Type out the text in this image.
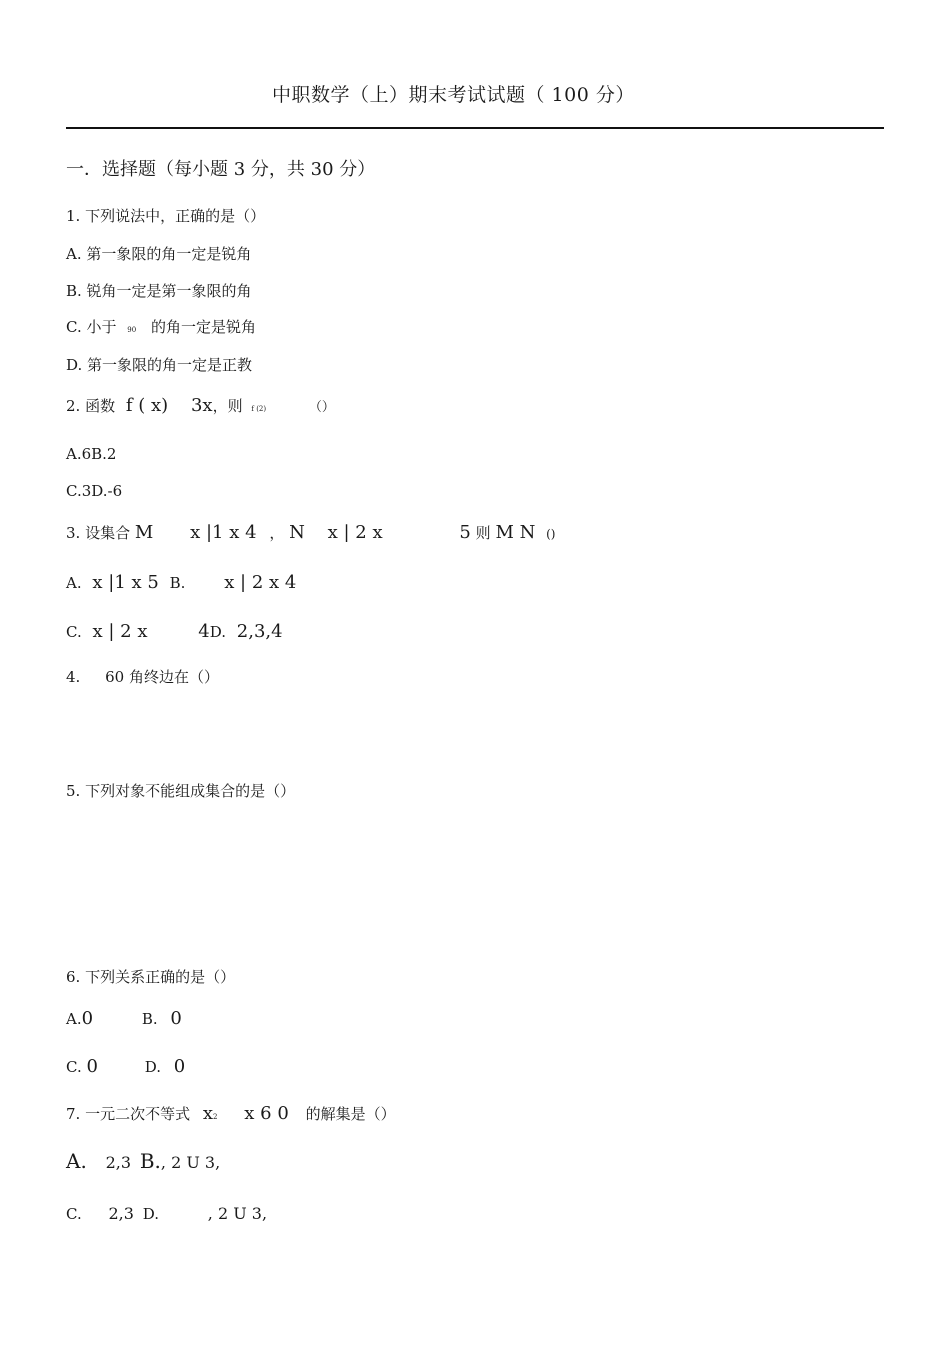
中职数学（上）期末考试试题（ 100 分）
一．选择题（每小题 3 分，共 30 分）
1. 下列说法中，正确的是（）
A. 第一象限的角一定是锐角
B. 锐角一定是第一象限的角
C. 小于 90 的角一定是锐角
D. 第一象限的角一定是正教
2. 函数 f ( x) 3x，则 f (2)	（）
A.6B.2
C.3D.-6
3. 设集合 M x |1 x 4 ， N x | 2 x	5 则 M N ()
A. x |1 x 5 B. x | 2 x 4
C. x | 2 x	4D. 2,3,4
4. 60 角终边在（）
5. 下列对象不能组成集合的是（）
6. 下列关系正确的是（）
A.0	B. 0
C. 0	D. 0
7. 一元二次不等式 x2 x 6 0 的解集是（）
A. 2,3 B., 2 U 3,
C. 2,3 D.	, 2 U 3,
